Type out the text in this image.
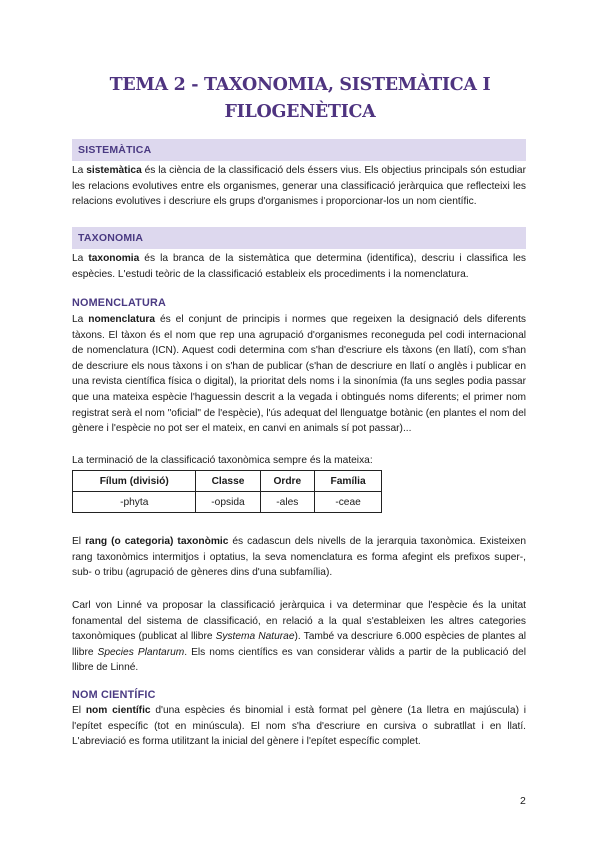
TEMA 2 - TAXONOMIA, SISTEMÀTICA I
FILOGENÈTICA
SISTEMÀTICA

La sistemàtica és la ciència de la classificació dels éssers vius. Els objectius principals són estudiar les relacions evolutives entre els organismes, generar una classificació jeràrquica que reflecteixi les relacions evolutives i descriure els grups d'organismes i proporcionar-los un nom científic.

TAXONOMIA

La taxonomia és la branca de la sistemàtica que determina (identifica), descriu i classifica les espècies. L'estudi teòric de la classificació estableix els procediments i la nomenclatura.

NOMENCLATURA

La nomenclatura és el conjunt de principis i normes que regeixen la designació dels diferents tàxons. El tàxon és el nom que rep una agrupació d'organismes reconeguda pel codi internacional de nomenclatura (ICN). Aquest codi determina com s'han d'escriure els tàxons (en llatí), com s'han de descriure els nous tàxons i on s'han de publicar (s'han de descriure en llatí o anglès i publicar en una revista científica física o digital), la prioritat dels noms i la sinonímia (fa uns segles podia passar que una mateixa espècie l'haguessin descrit a la vegada i obtingués noms diferents; el primer nom registrat serà el nom "oficial" de l'espècie), l'ús adequat del llenguatge botànic (en plantes el nom del gènere i l'espècie no pot ser el mateix, en canvi en animals sí pot passar)...

La terminació de la classificació taxonòmica sempre és la mateixa:

Fílum (divisió)	Classe	Ordre	Família
-phyta	-opsida	-ales	-ceae

El rang (o categoria) taxonòmic és cadascun dels nivells de la jerarquia taxonòmica. Existeixen rang taxonòmics intermitjos i optatius, la seva nomenclatura es forma afegint els prefixos super-, sub- o tribu (agrupació de gèneres dins d'una subfamília).

Carl von Linné va proposar la classificació jeràrquica i va determinar que l'espècie és la unitat fonamental del sistema de classificació, en relació a la qual s'estableixen les altres categories taxonòmiques (publicat al llibre Systema Naturae). També va descriure 6.000 espècies de plantes al llibre Species Plantarum. Els noms científics es van considerar vàlids a partir de la publicació del llibre de Linné.

NOM CIENTÍFIC

El nom científic d'una espècies és binomial i està format pel gènere (1a lletra en majúscula) i l'epítet específic (tot en minúscula). El nom s'ha d'escriure en cursiva o subratllat i en llatí. L'abreviació es forma utilitzant la inicial del gènere i l'epítet específic complet.

2
